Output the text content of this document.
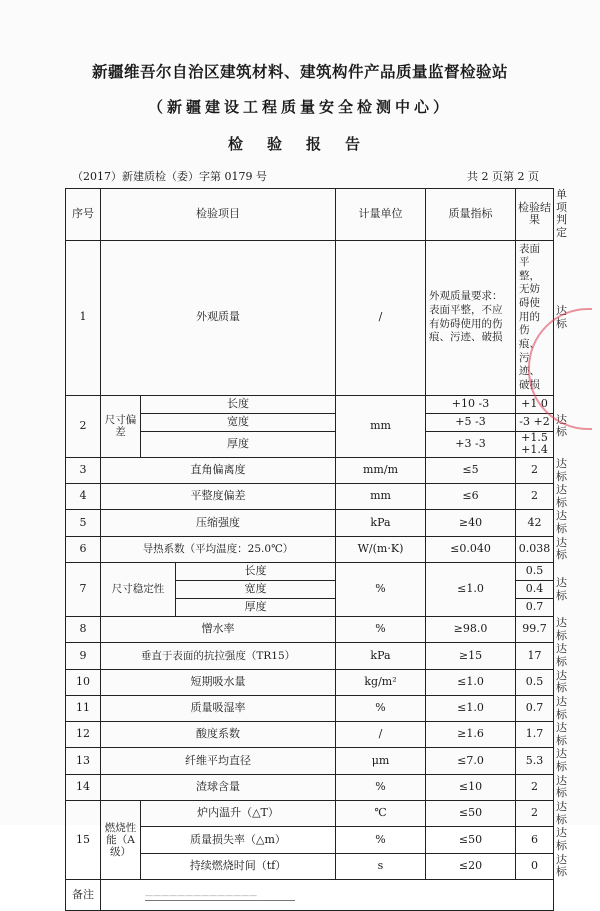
新疆维吾尔自治区建筑材料、建筑构件产品质量监督检验站
（新疆建设工程质量安全检测中心）
检验报告
（2017）新建质检（委）字第 0179 号	共 2 页第 2 页
序号	检验项目			计量单位	质量指标	检验结果	单项判定
1	外观质量			/	外观质量要求：表面平整，不应有妨碍使用的伤痕、污迹、破损	表面平整，无妨碍使用的伤痕、污迹、破损	达标
2	尺寸偏差	长度		mm	+10 -3	+1 0	达标
		宽度			+5 -3	-3 +2	
		厚度			+3 -3	+1.5 +1.4	
3	直角偏离度			mm/m	≤5	2	达标
4	平整度偏差			mm	≤6	2	达标
5	压缩强度			kPa	≥40	42	达标
6	导热系数（平均温度：25.0℃）			W/(m·K)	≤0.040	0.038	达标
7	尺寸稳定性		长度	%	≤1.0	0.5	达标
			宽度			0.4	
			厚度			0.7	
8	憎水率			%	≥98.0	99.7	达标
9	垂直于表面的抗拉强度（TR15）			kPa	≥15	17	达标
10	短期吸水量			kg/m²	≤1.0	0.5	达标
11	质量吸湿率			%	≤1.0	0.7	达标
12	酸度系数			/	≥1.6	1.7	达标
13	纤维平均直径			μm	≤7.0	5.3	达标
14	渣球含量			%	≤10	2	达标
15	燃烧性能（A级）	炉内温升（△T）		℃	≤50	2	达标
		质量损失率（△m）		%	≤50	6	达标
		持续燃烧时间（tf）		s	≤20	0	达标
备注	——————————————						
